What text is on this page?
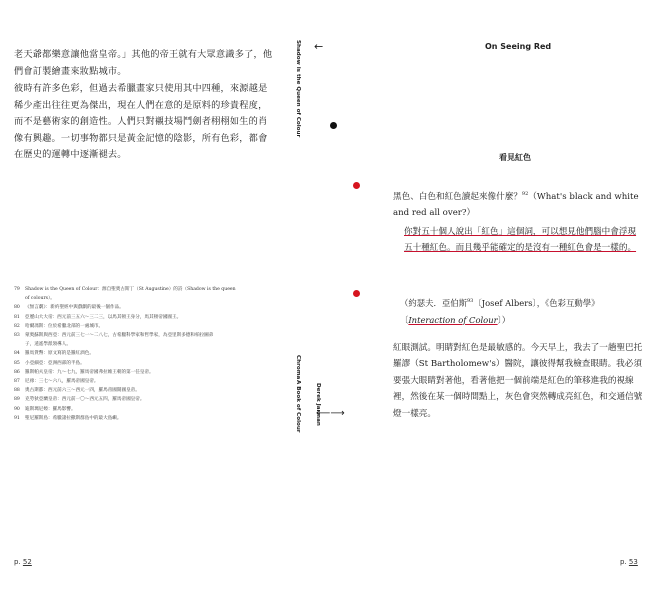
老天爺都樂意讓他當皇帝。」其他的帝王就有大眾意識多了，他們會訂製繪畫來妝點城市。

彼時有許多色彩，但過去希臘畫家只使用其中四種，來源越是稀少產出往往更為傑出，現在人們在意的是原料的珍貴程度，而不是藝術家的創造性。人們只對襯技場鬥劍者栩栩如生的肖像有興趣。一切事物都只是黃金記憶的陰影，所有色彩，都會在歷史的運轉中逐漸褪去。

79	Shadow is the Queen of Colour：源自聖奧古斯丁（St Augustine）的詩（Shadow is the queen
of colours）。
80	《無言劇》：新約聖經中與戲劇的最後一個作品。
81	亞歷山大大帝：西元前三五六～三二三，以馬其頓王身分，馬其頓帝國國王。
82	哈爾馮斯：位於希臘北部的一處城市。
83	蒙奧蘇斯與西亞：西元前三七一～二八七，古希臘科學家和哲學家，為亞里斯多德和柏拉圖弟
子，逍遙學派領導人。
84	羅馬貨幣：原文寫的是羅紅酒色。
85	小亞細亞：亞洲西部的半島。
86	羅斯帕夫皇帝：九～七九，羅馬帝國弗拉維王朝的第一任皇帝。
87	尼祿：三七～六八，羅馬帝國皇帝。
88	奧古斯都：西元前六三～西元一四，羅馬帝國開國皇帝。
89	克勞狄亞蘭皇帝：西元前一〇～西元五四，羅馬帝國皇帝。
90	迪斯瑪尼婭：羅馬影響。
91	聖尼羅斯島：希臘諸拉撒斯群島中的最大島嶼。
p. 52
Shadow is the Queen of Colour
Chroma
A Book of Colour	Derek Jarman
⟵⟶
←	On Seeing Red
看見紅色

黑色、白色和紅色讀起來像什麼？$^{92}$（What's black and white and red all over?）

你對五十個人說出「紅色」這個詞，可以想見他們腦中會浮現五十種紅色。而且幾乎能確定的是沒有一種紅色會是一樣的。

（約瑟夫．亞伯斯$^{93}$〔Josef Albers〕，《色彩互動學》〔Interaction of Colour〕）

紅眼測試。明睛對紅色是最敏感的。今天早上，我去了一趟聖巴托羅謬（St Bartholomew's）醫院，讓彼得幫我檢查眼睛。我必須要張大眼睛對著他，看著他把一個前端是紅色的筆移進我的視線裡，然後在某一個時間點上，灰色會突然轉成亮紅色，和交通信號燈一樣亮。

p. 53
